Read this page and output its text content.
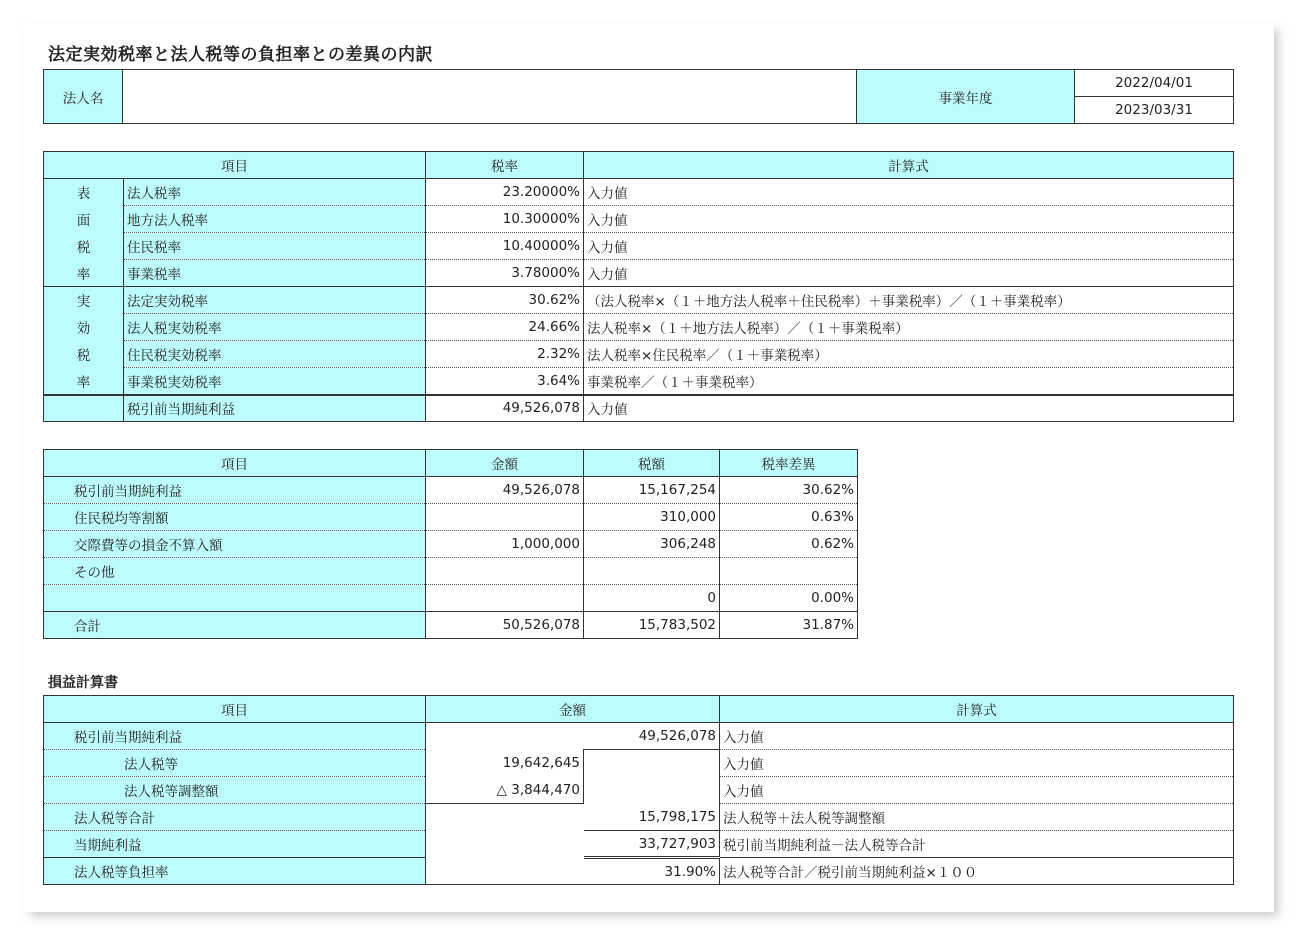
法定実効税率と法人税等の負担率との差異の内訳
法人名		事業年度	2022/04/01
2023/03/31
項目		税率	計算式
表	法人税率	23.20000%	入力値
面	地方法人税率	10.30000%	入力値
税	住民税率	10.40000%	入力値
率	事業税率	3.78000%	入力値
実	法定実効税率	30.62%	（法人税率×（１＋地方法人税率＋住民税率）＋事業税率）／（１＋事業税率）
効	法人税実効税率	24.66%	法人税率×（１＋地方法人税率）／（１＋事業税率）
税	住民税実効税率	2.32%	法人税率×住民税率／（１＋事業税率）
率	事業税実効税率	3.64%	事業税率／（１＋事業税率）
	税引前当期純利益	49,526,078	入力値
項目	金額	税額	税率差異
税引前当期純利益	49,526,078	15,167,254	30.62%
住民税均等割額		310,000	0.63%
交際費等の損金不算入額	1,000,000	306,248	0.62%
その他			
		0	0.00%
合計	50,526,078	15,783,502	31.87%
損益計算書
項目	金額		計算式
税引前当期純利益		49,526,078	入力値
法人税等	19,642,645		入力値
法人税等調整額	△ 3,844,470		入力値
法人税等合計		15,798,175	法人税等＋法人税等調整額
当期純利益		33,727,903	税引前当期純利益－法人税等合計
法人税等負担率		31.90%	法人税等合計／税引前当期純利益×１００
